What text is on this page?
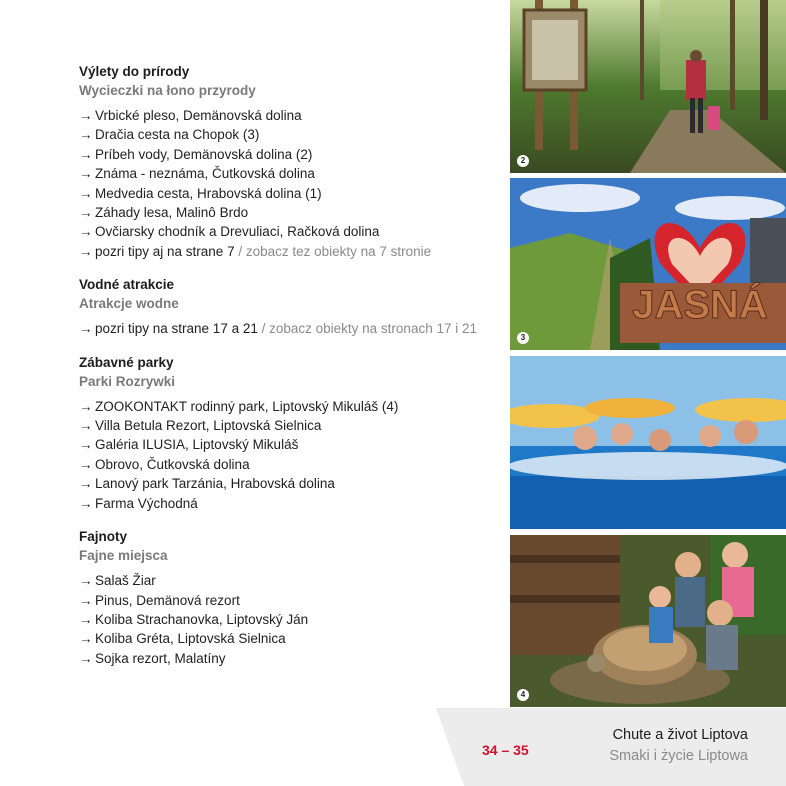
Výlety do prírody
Wycieczki na łono przyrody
→ Vrbické pleso, Demänovská dolina
→ Dračia cesta na Chopok (3)
→ Príbeh vody, Demänovská dolina (2)
→ Známa - neznáma, Čutkovská dolina
→ Medvedia cesta, Hrabovská dolina (1)
→ Záhady lesa, Malinô Brdo
→ Ovčiarsky chodník a Drevuliaci, Račková dolina
→ pozri tipy aj na strane 7 / zobacz tez obiekty na 7 stronie
Vodné atrakcie
Atrakcje wodne
→ pozri tipy na strane 17 a 21 / zobacz obiekty na stronach 17 i 21
Zábavné parky
Parki Rozrywki
→ ZOOKONTAKT rodinný park, Liptovský Mikuláš (4)
→ Villa Betula Rezort, Liptovská Sielnica
→ Galéria ILUSIA, Liptovský Mikuláš
→ Obrovo, Čutkovská dolina
→ Lanový park Tarzánia, Hrabovská dolina
→ Farma Východná
Fajnoty
Fajne miejsca
→ Salaš Žiar
→ Pinus, Demänová rezort
→ Koliba Strachanovka, Liptovský Ján
→ Koliba Gréta, Liptovská Sielnica
→ Sojka rezort, Malatíny
2
JASNÁ
3
4
34 – 35
Chute a život Liptova
Smaki i życie Liptowa
